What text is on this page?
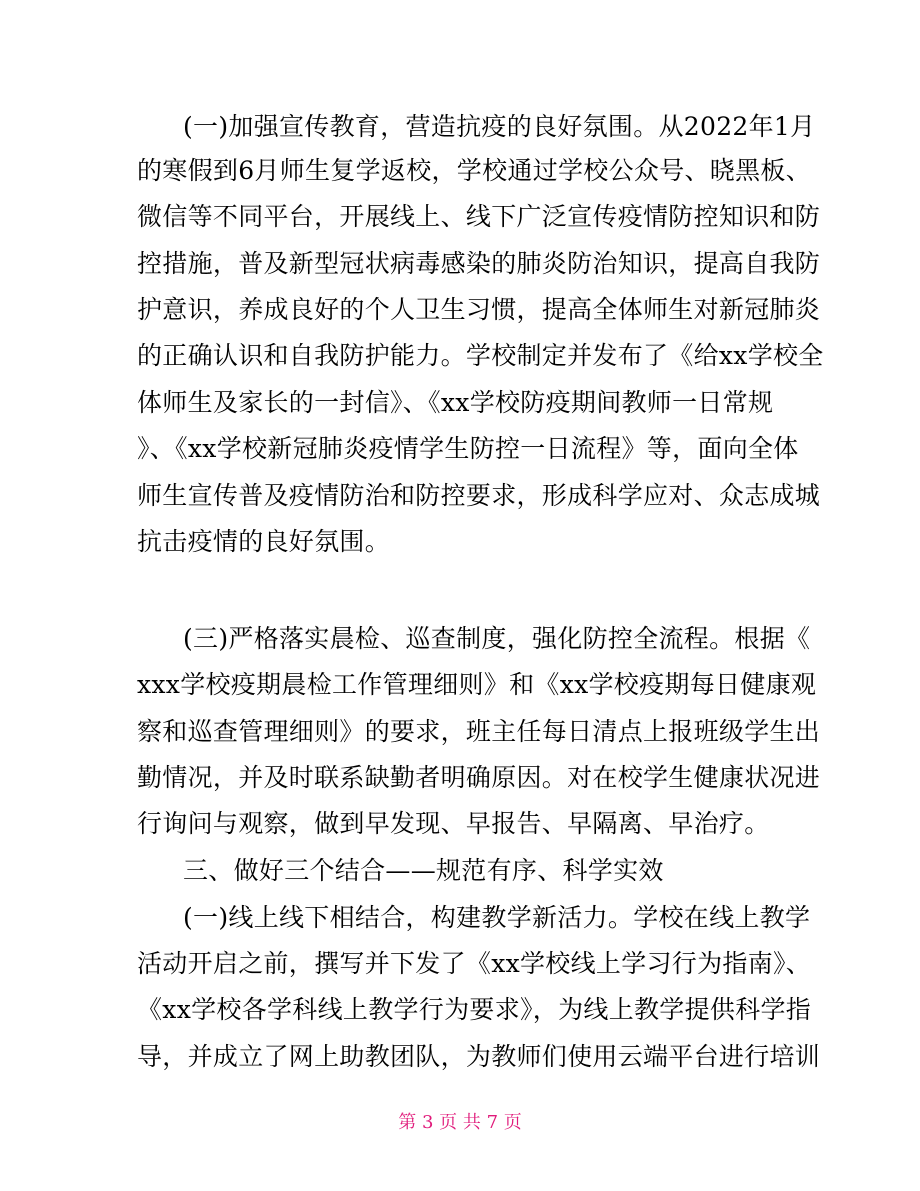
(一)加强宣传教育，营造抗疫的良好氛围。从2022年1月
的寒假到6月师生复学返校，学校通过学校公众号、晓黑板、
微信等不同平台，开展线上、线下广泛宣传疫情防控知识和防
控措施，普及新型冠状病毒感染的肺炎防治知识，提高自我防
护意识，养成良好的个人卫生习惯，提高全体师生对新冠肺炎
的正确认识和自我防护能力。学校制定并发布了《给xx学校全
体师生及家长的一封信》、《xx学校防疫期间教师一日常规
》、《xx学校新冠肺炎疫情学生防控一日流程》等，面向全体
师生宣传普及疫情防治和防控要求，形成科学应对、众志成城
抗击疫情的良好氛围。
(三)严格落实晨检、巡查制度，强化防控全流程。根据《
xxx学校疫期晨检工作管理细则》和《xx学校疫期每日健康观
察和巡查管理细则》的要求，班主任每日清点上报班级学生出
勤情况，并及时联系缺勤者明确原因。对在校学生健康状况进
行询问与观察，做到早发现、早报告、早隔离、早治疗。
三、做好三个结合——规范有序、科学实效
(一)线上线下相结合，构建教学新活力。学校在线上教学
活动开启之前，撰写并下发了《xx学校线上学习行为指南》、
《xx学校各学科线上教学行为要求》，为线上教学提供科学指
导，并成立了网上助教团队，为教师们使用云端平台进行培训
第 3 页 共 7 页
